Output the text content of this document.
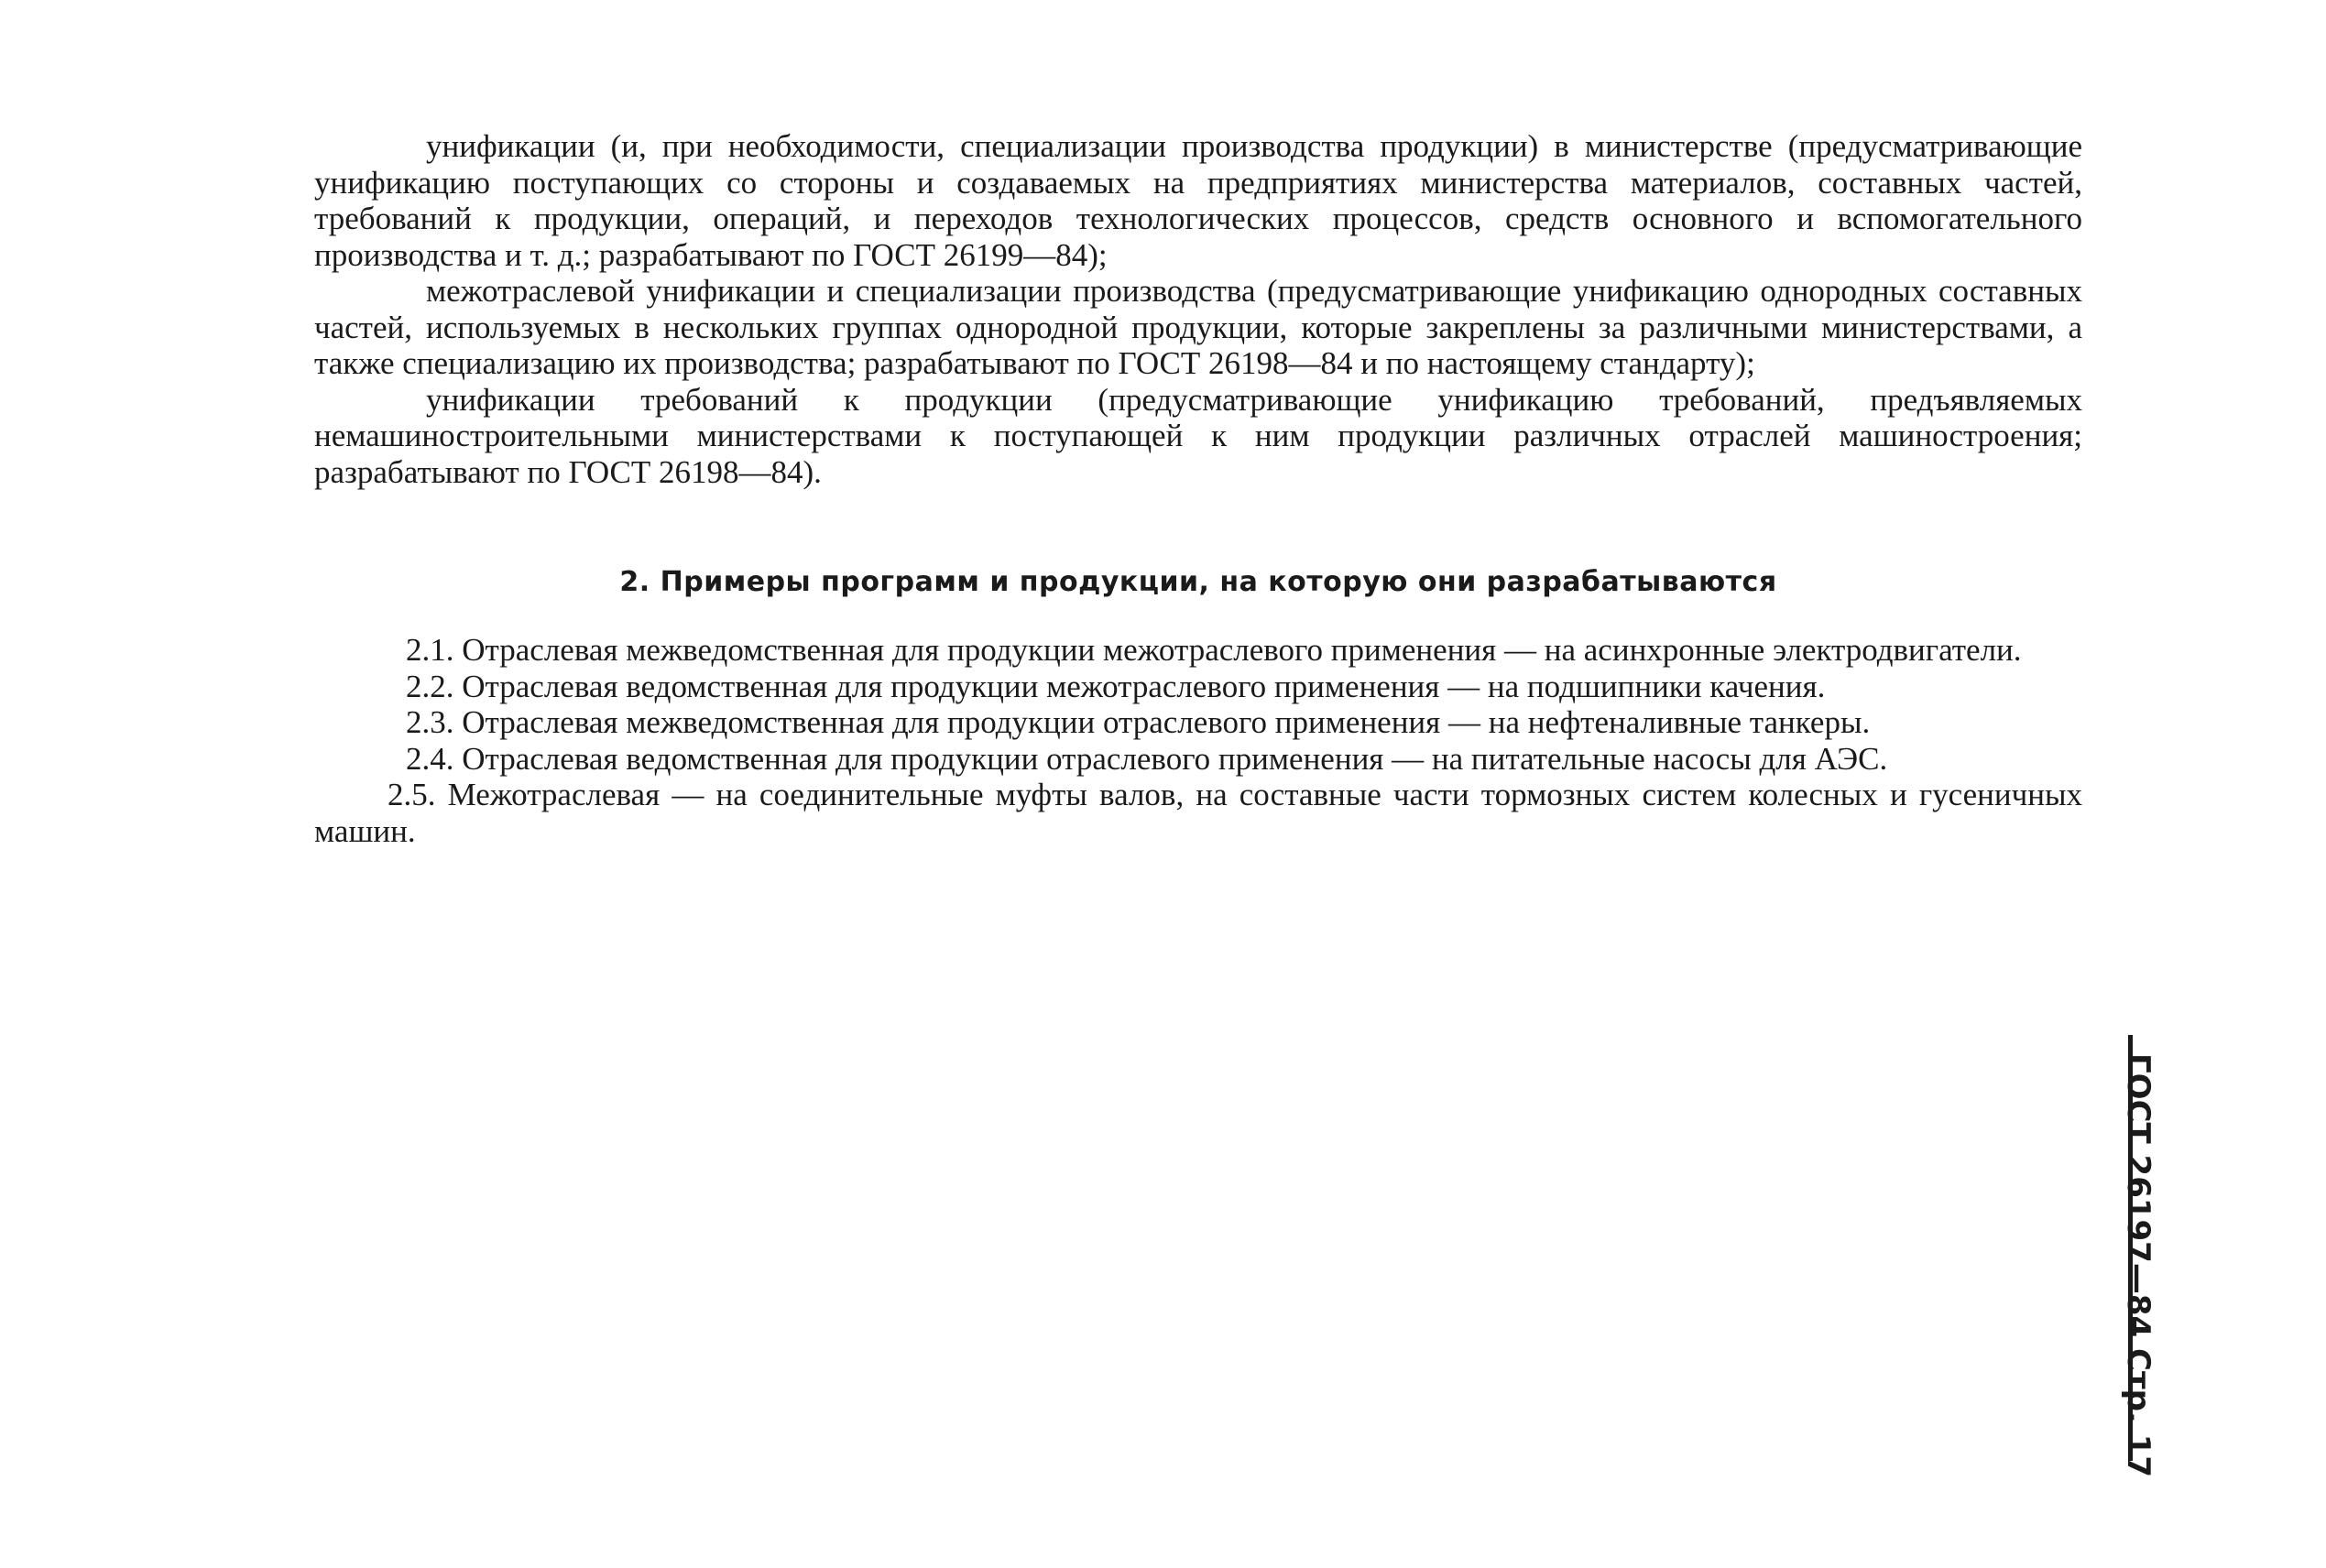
унификации (и, при необходимости, специализации производства продукции) в министерстве (предусматривающие унификацию поступающих со стороны и создаваемых на предприятиях министерства материалов, составных частей, требований к продукции, операций, и переходов технологических процессов, средств основного и вспомогательного производства и т. д.; разрабатывают по ГОСТ 26199—84);

межотраслевой унификации и специализации производства (предусматривающие унификацию однородных составных частей, используемых в нескольких группах однородной продукции, которые закреплены за различными министерствами, а также специализацию их производства; разрабатывают по ГОСТ 26198—84 и по настоящему стандарту);

унификации требований к продукции (предусматривающие унификацию требований, предъявляемых немашиностроительными министерствами к поступающей к ним продукции различных отраслей машиностроения; разрабатывают по ГОСТ 26198—84).

2. Примеры программ и продукции, на которую они разрабатываются

2.1. Отраслевая межведомственная для продукции межотраслевого применения — на асинхронные электродвигатели.

2.2. Отраслевая ведомственная для продукции межотраслевого применения — на подшипники качения.

2.3. Отраслевая межведомственная для продукции отраслевого применения — на нефтеналивные танкеры.

2.4. Отраслевая ведомственная для продукции отраслевого применения — на питательные насосы для АЭС.

2.5. Межотраслевая — на соединительные муфты валов, на составные части тормозных систем колесных и гусеничных машин.

ГОСТ 26197—84 Стр. 17
